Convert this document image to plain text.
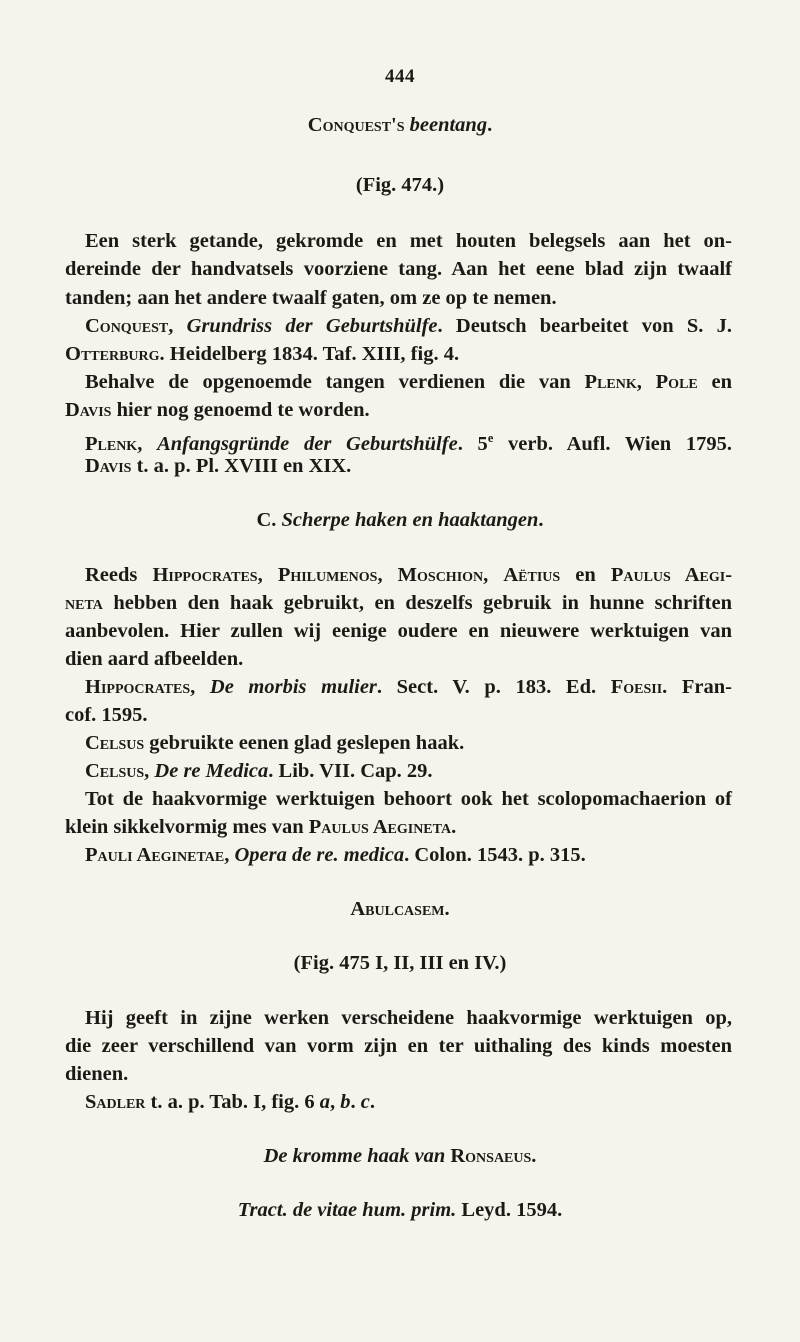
444
Conquest's beentang.
(Fig. 474.)
Een sterk getande, gekromde en met houten belegsels aan het on-
dereinde der handvatsels voorziene tang. Aan het eene blad zijn twaalf
tanden; aan het andere twaalf gaten, om ze op te nemen.
Conquest, Grundriss der Geburtshülfe. Deutsch bearbeitet von S. J.
Otterburg. Heidelberg 1834. Taf. XIII, fig. 4.
Behalve de opgenoemde tangen verdienen die van Plenk, Pole en
Davis hier nog genoemd te worden.
Plenk, Anfangsgründe der Geburtshülfe. 5e verb. Aufl. Wien 1795.
Davis t. a. p. Pl. XVIII en XIX.
C. Scherpe haken en haaktangen.
Reeds Hippocrates, Philumenos, Moschion, Aëtius en Paulus Aegi-
neta hebben den haak gebruikt, en deszelfs gebruik in hunne schriften
aanbevolen. Hier zullen wij eenige oudere en nieuwere werktuigen van
dien aard afbeelden.
Hippocrates, De morbis mulier. Sect. V. p. 183. Ed. Foesii. Fran-
cof. 1595.
Celsus gebruikte eenen glad geslepen haak.
Celsus, De re Medica. Lib. VII. Cap. 29.
Tot de haakvormige werktuigen behoort ook het scolopomachaerion of
klein sikkelvormig mes van Paulus Aegineta.
Pauli Aeginetae, Opera de re. medica. Colon. 1543. p. 315.
Abulcasem.
(Fig. 475 I, II, III en IV.)
Hij geeft in zijne werken verscheidene haakvormige werktuigen op,
die zeer verschillend van vorm zijn en ter uithaling des kinds moesten
dienen.
Sadler t. a. p. Tab. I, fig. 6 a, b. c.
De kromme haak van Ronsaeus.
Tract. de vitae hum. prim. Leyd. 1594.
